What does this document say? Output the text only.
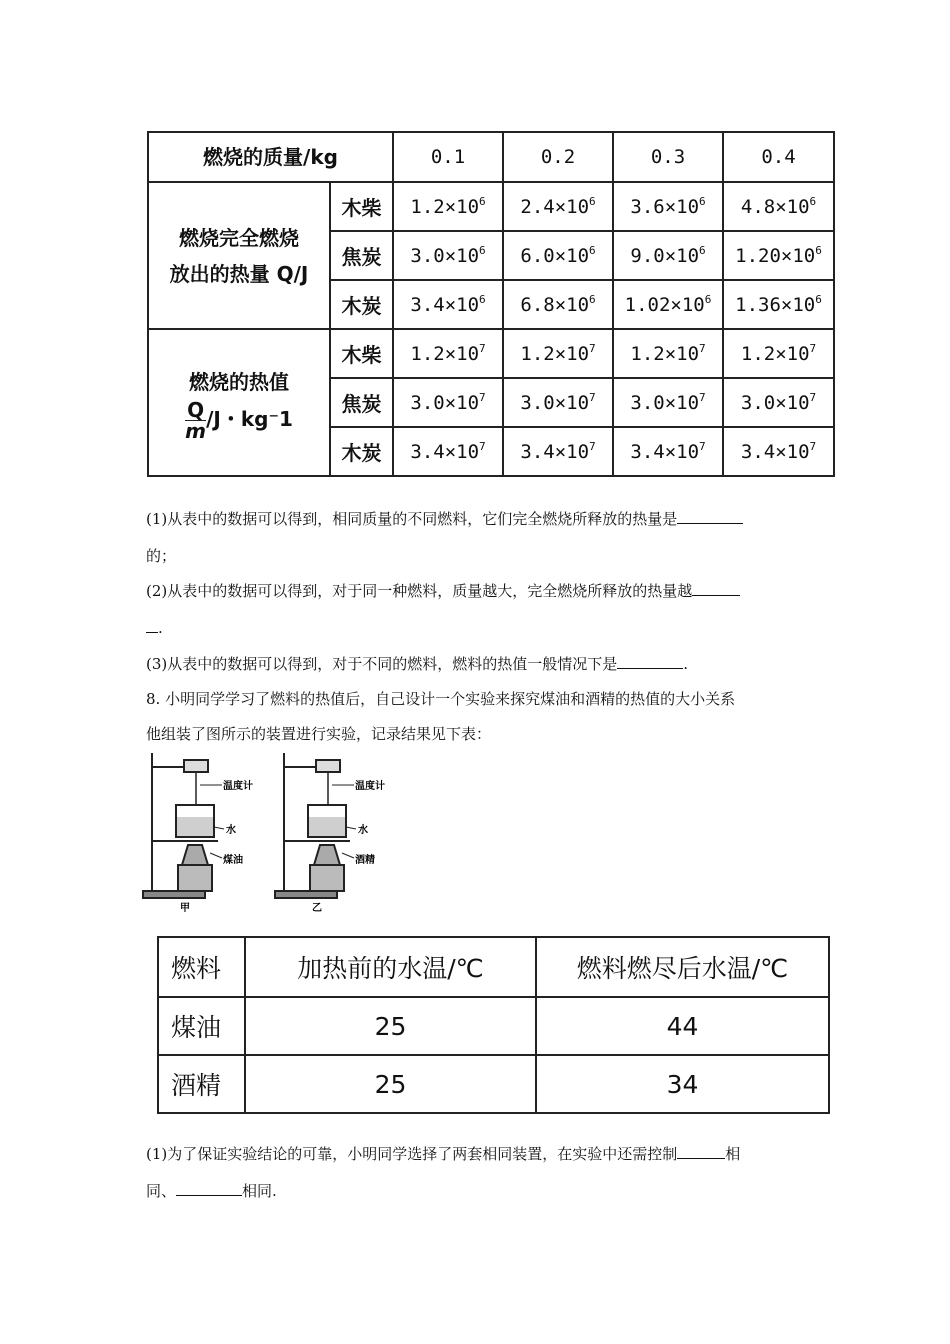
燃烧的质量/kg		0.1	0.2	0.3	0.4
燃烧完全燃烧
放出的热量 Q/J	木柴	$1.2\times 10^6$	$2.4\times 10^6$	$3.6\times 10^6$	$4.8\times 10^6$
	焦炭	$3.0\times 10^6$	$6.0\times 10^6$	$9.0\times 10^6$	$1.20\times 10^6$
	木炭	$3.4\times 10^6$	$6.8\times 10^6$	$1.02\times 10^6$	$1.36\times 10^6$
燃烧的热值

$\frac{Q}{m} /J$・kg⁻1	木柴	$1.2\times 10^7$	$1.2\times 10^7$	$1.2\times 10^7$	$1.2\times 10^7$
	焦炭	$3.0\times 10^7$	$3.0\times 10^7$	$3.0\times 10^7$	$3.0\times 10^7$
	木炭	$3.4\times 10^7$	$3.4\times 10^7$	$3.4\times 10^7$	$3.4\times 10^7$
(1)从表中的数据可以得到，相同质量的不同燃料，它们完全燃烧所释放的热量是
的；
(2)从表中的数据可以得到，对于同一种燃料，质量越大，完全燃烧所释放的热量越
.
(3)从表中的数据可以得到，对于不同的燃料，燃料的热值一般情况下是	.
8. 小明同学学习了燃料的热值后，自己设计一个实验来探究煤油和酒精的热值的大小关系
他组装了图所示的装置进行实验，记录结果见下表：
温度计
水
煤油
甲
温度计
水
酒精
乙
燃料	加热前的水温/℃	燃料燃尽后水温/℃
煤油	25	44
酒精	25	34
(1)为了保证实验结论的可靠，小明同学选择了两套相同装置，在实验中还需控制	相
同、	相同.
